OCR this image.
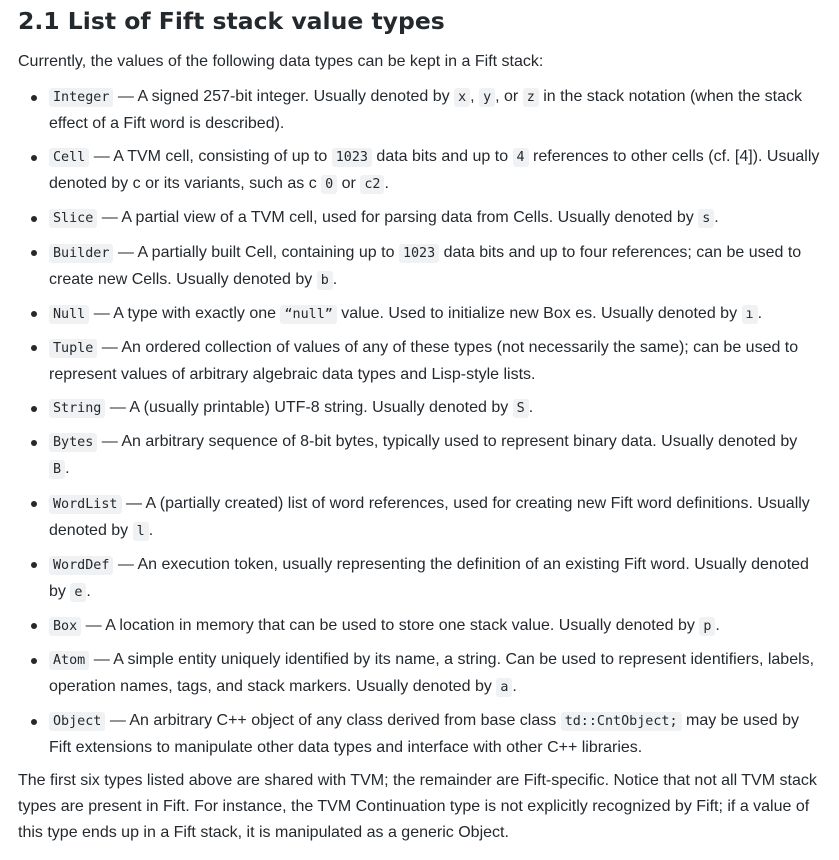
2.1 List of Fift stack value types

Currently, the values of the following data types can be kept in a Fift stack:

Integer — A signed 257-bit integer. Usually denoted by x , y , or z in the stack notation (when the stack effect of a Fift word is described).
Cell — A TVM cell, consisting of up to 1023 data bits and up to 4 references to other cells (cf. [4]). Usually denoted by c or its variants, such as c 0 or c2 .
Slice — A partial view of a TVM cell, used for parsing data from Cells. Usually denoted by s .
Builder — A partially built Cell, containing up to 1023 data bits and up to four references; can be used to create new Cells. Usually denoted by b .
Null — A type with exactly one “null” value. Used to initialize new Box es. Usually denoted by ı .
Tuple — An ordered collection of values of any of these types (not necessarily the same); can be used to represent values of arbitrary algebraic data types and Lisp-style lists.
String — A (usually printable) UTF-8 string. Usually denoted by S .
Bytes — An arbitrary sequence of 8-bit bytes, typically used to represent binary data. Usually denoted by B .
WordList — A (partially created) list of word references, used for creating new Fift word definitions. Usually denoted by l .
WordDef — An execution token, usually representing the definition of an existing Fift word. Usually denoted by e .
Box — A location in memory that can be used to store one stack value. Usually denoted by p .
Atom — A simple entity uniquely identified by its name, a string. Can be used to represent identifiers, labels, operation names, tags, and stack markers. Usually denoted by a .
Object — An arbitrary C++ object of any class derived from base class td::CntObject; may be used by Fift extensions to manipulate other data types and interface with other C++ libraries.

The first six types listed above are shared with TVM; the remainder are Fift-specific. Notice that not all TVM stack types are present in Fift. For instance, the TVM Continuation type is not explicitly recognized by Fift; if a value of this type ends up in a Fift stack, it is manipulated as a generic Object.
